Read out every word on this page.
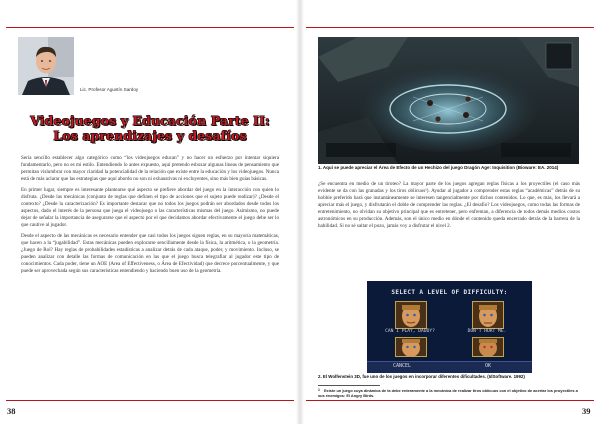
Lic. Profesor Agustín Sardoy
Videojuegos y Educación Parte II:
Los aprendizajes y desafíos

Sería sencillo establecer algo categórico como “los videojuegos educan” y no hacer un esfuerzo por intentar siquiera fundamentarlo, pero no es mi estilo. Entendiendo lo antes expuesto, aquí pretendo esbozar algunas líneas de pensamiento que permitan vislumbrar con mayor claridad la potencialidad de la relación que existe entre la educación y los videojuegos. Nunca está de más aclarar que las estrategias que aquí abordo no son ni exhaustivas ni excluyentes, sino más bien guías básicas.

En primer lugar, siempre es interesante plantearse qué aspecto se prefiere abordar del juego en la interacción con quien lo disfruta. ¿Desde las mecánicas (conjunto de reglas que definen el tipo de acciones que el sujeto puede realizar)? ¿Desde el contexto? ¿Desde la caracterización? Es importante destacar que no todos los juegos podrán ser abordados desde todos los aspectos, dado el interés de la persona que juega el videojuego o las características mismas del juego. Asimismo, no puede dejar de señalar la importancia de asegurarse que el aspecto por el que decidamos abordar efectivamente el juego debe ser lo que cautive al jugador.

Desde el aspecto de las mecánicas es necesario entender que casi todos los juegos siguen reglas, en su mayoría matemáticas, que hacen a la “jugabilidad”. Estas mecánicas pueden explorarse sencillamente desde la física, la aritmética, o la geometría. ¿Juego de Rol? Hay reglas de probabilidades estadísticas a analizar detrás de cada ataque, poder, y movimiento. Incluso, se pueden analizar con detalle las formas de comunicación en las que el juego busca telegrafiar al jugador este tipo de conocimientos. Cada poder, tiene un AOE (Area of Effectiveness, o Área de Efectividad) que decrece porcentualmente, y que puede ser aprovechada según sus características entendiendo y haciendo buen uso de la geometría.

38	39
1. Aquí se puede apreciar el Área de Efecto de un Hechizo del juego Dragón Age: Inquisition (Bioware: EA. 2014)
¿Se encuentra en medio de un tiroteo? La mayor parte de los juegos agregan reglas físicas a los proyectiles (el caso más evidente se da con las granadas y los tiros oblicuos¹). Ayudar al jugador a comprender estas reglas “académicas” detrás de su hobbie preferido hará que instantáneamente se interesen tangencialmente por dichos contenidos. Lo que, es más, los llevará a apreciar más el juego, y disfrutarán el doble de comprender las reglas. ¿El desafío? Los videojuegos, como todas las formas de entretenimiento, no olvidan su objetivo principal que es entretener, pero enfrentan, a diferencia de todos demás medios costos astronómicos en su producción. Además, son el único medio en dónde el contenido queda encerrado detrás de la barrera de la habilidad. Si no sé saltar el pozo, jamás voy a disfrutar el nivel 2.
SELECT A LEVEL OF DIFFICULTY:
CAN I PLAY, DADDY?	DON'T HURT ME.
CANCEL	OK
2. El Wolfenstein 3D, fue uno de los juegos en incorporar diferentes dificultades. (IdSoftware. 1992)
1 Existe un juego cuya dinámica de la debe enteramente a la mecánica de realizar tiros oblicuos con el objetivo de acertar los proyectiles a sus enemigos: El Angry Birds.
